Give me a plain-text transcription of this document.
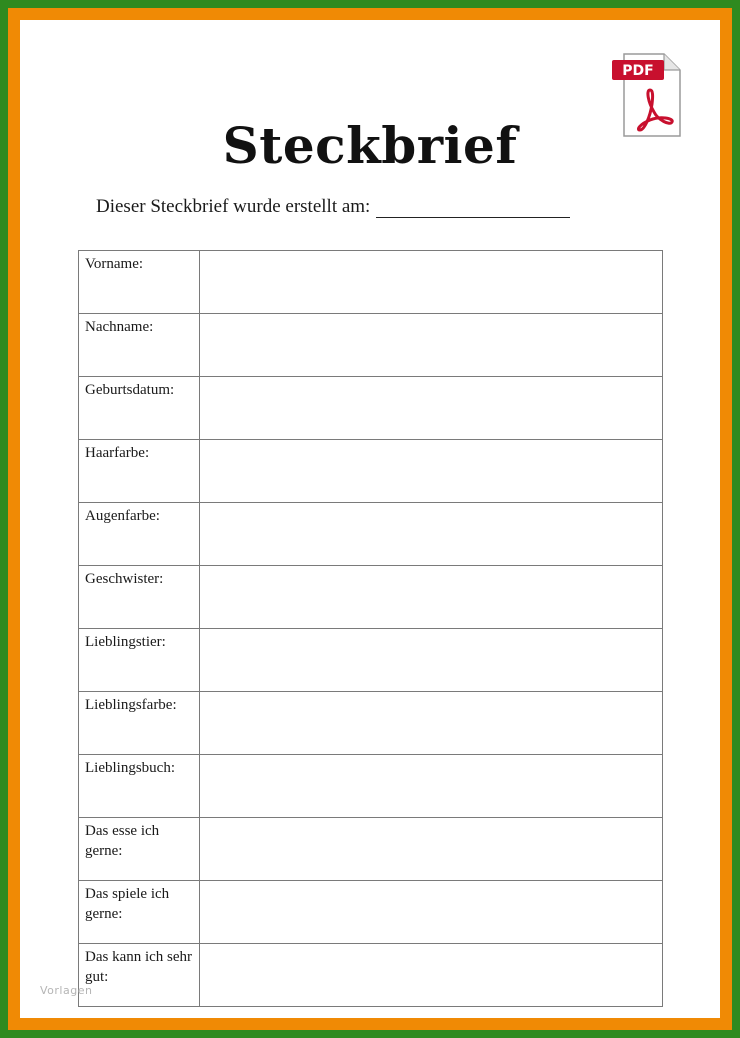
PDF
Steckbrief
Dieser Steckbrief wurde erstellt am:
Vorname:	
Nachname:	
Geburtsdatum:	
Haarfarbe:	
Augenfarbe:	
Geschwister:	
Lieblingstier:	
Lieblingsfarbe:	
Lieblingsbuch:	
Das esse ich gerne:	
Das spiele ich gerne:	
Das kann ich sehr gut:	
Vorlagen
